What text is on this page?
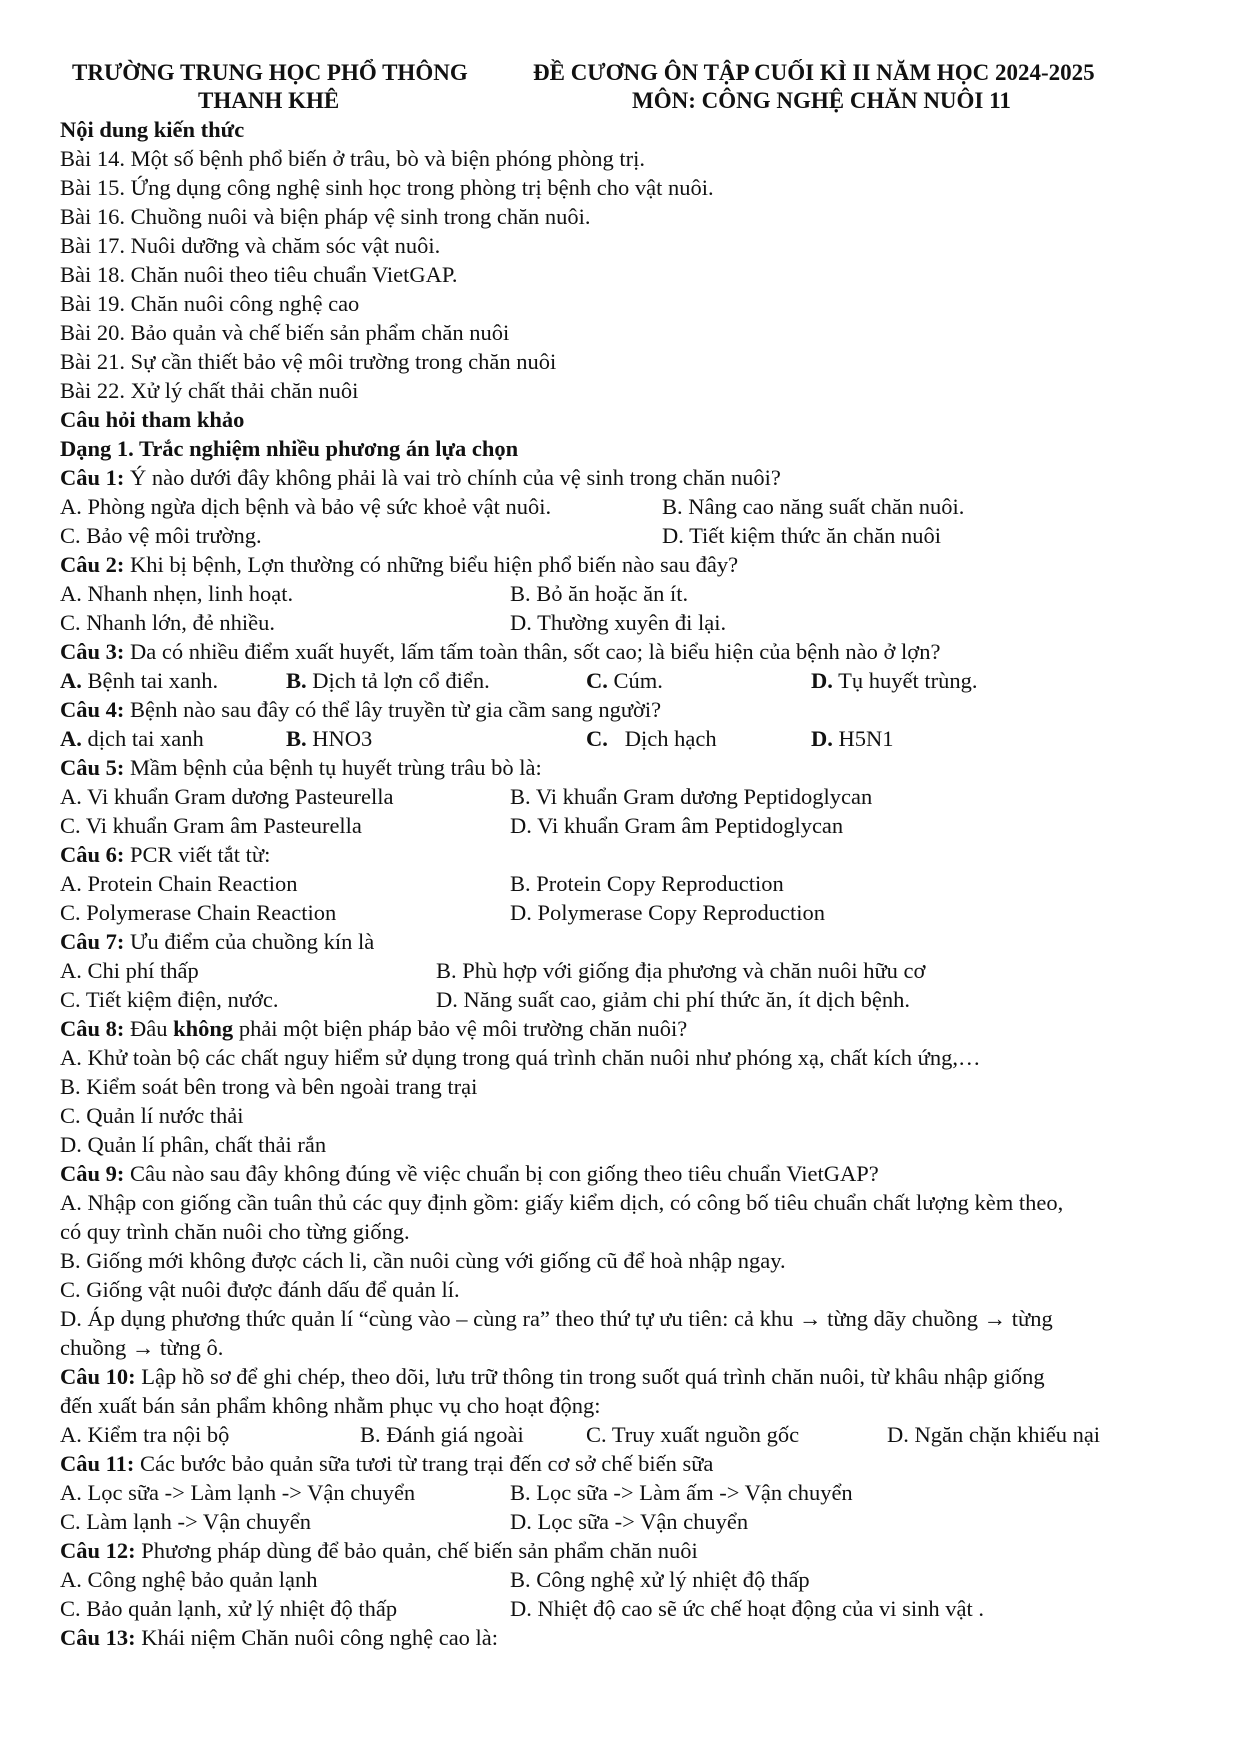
TRƯỜNG TRUNG HỌC PHỔ THÔNG
THANH KHÊ
ĐỀ CƯƠNG ÔN TẬP CUỐI KÌ II NĂM HỌC 2024-2025
MÔN: CÔNG NGHỆ CHĂN NUÔI 11
Nội dung kiến thức
Bài 14. Một số bệnh phổ biến ở trâu, bò và biện phóng phòng trị.
Bài 15. Ứng dụng công nghệ sinh học trong phòng trị bệnh cho vật nuôi.
Bài 16. Chuồng nuôi và biện pháp vệ sinh trong chăn nuôi.
Bài 17. Nuôi dưỡng và chăm sóc vật nuôi.
Bài 18. Chăn nuôi theo tiêu chuẩn VietGAP.
Bài 19. Chăn nuôi công nghệ cao
Bài 20. Bảo quản và chế biến sản phẩm chăn nuôi
Bài 21. Sự cần thiết bảo vệ môi trường trong chăn nuôi
Bài 22. Xử lý chất thải chăn nuôi
Câu hỏi tham khảo
Dạng 1. Trắc nghiệm nhiều phương án lựa chọn
Câu 1: Ý nào dưới đây không phải là vai trò chính của vệ sinh trong chăn nuôi?
A. Phòng ngừa dịch bệnh và bảo vệ sức khoẻ vật nuôi.	B. Nâng cao năng suất chăn nuôi.
C. Bảo vệ môi trường.	D. Tiết kiệm thức ăn chăn nuôi
Câu 2: Khi bị bệnh, Lợn thường có những biểu hiện phổ biến nào sau đây?
A. Nhanh nhẹn, linh hoạt.	B. Bỏ ăn hoặc ăn ít.
C. Nhanh lớn, đẻ nhiều.	D. Thường xuyên đi lại.
Câu 3: Da có nhiều điểm xuất huyết, lấm tấm toàn thân, sốt cao; là biểu hiện của bệnh nào ở lợn?
A. Bệnh tai xanh.	B. Dịch tả lợn cổ điển.	C. Cúm.	D. Tụ huyết trùng.
Câu 4: Bệnh nào sau đây có thể lây truyền từ gia cầm sang người?
A. dịch tai xanh	B. HNO3	C.   Dịch hạch	D. H5N1
Câu 5: Mầm bệnh của bệnh tụ huyết trùng trâu bò là:
A. Vi khuẩn Gram dương Pasteurella	B. Vi khuẩn Gram dương Peptidoglycan
C. Vi khuẩn Gram âm Pasteurella	D. Vi khuẩn Gram âm Peptidoglycan
Câu 6: PCR viết tắt từ:
A. Protein Chain Reaction	B. Protein Copy Reproduction
C. Polymerase Chain Reaction	D. Polymerase Copy Reproduction
Câu 7: Ưu điểm của chuồng kín là
A. Chi phí thấp	B. Phù hợp với giống địa phương và chăn nuôi hữu cơ
C. Tiết kiệm điện, nước.	D. Năng suất cao, giảm chi phí thức ăn, ít dịch bệnh.
Câu 8: Đâu không phải một biện pháp bảo vệ môi trường chăn nuôi?
A. Khử toàn bộ các chất nguy hiểm sử dụng trong quá trình chăn nuôi như phóng xạ, chất kích ứng,…
B. Kiểm soát bên trong và bên ngoài trang trại
C. Quản lí nước thải
D. Quản lí phân, chất thải rắn
Câu 9: Câu nào sau đây không đúng về việc chuẩn bị con giống theo tiêu chuẩn VietGAP?
A. Nhập con giống cần tuân thủ các quy định gồm: giấy kiểm dịch, có công bố tiêu chuẩn chất lượng kèm theo,
có quy trình chăn nuôi cho từng giống.
B. Giống mới không được cách li, cần nuôi cùng với giống cũ để hoà nhập ngay.
C. Giống vật nuôi được đánh dấu để quản lí.
D. Áp dụng phương thức quản lí “cùng vào – cùng ra” theo thứ tự ưu tiên: cả khu → từng dãy chuồng → từng
chuồng → từng ô.
Câu 10: Lập hồ sơ để ghi chép, theo dõi, lưu trữ thông tin trong suốt quá trình chăn nuôi, từ khâu nhập giống
đến xuất bán sản phẩm không nhằm phục vụ cho hoạt động:
A. Kiểm tra nội bộ	B. Đánh giá ngoài	C. Truy xuất nguồn gốc	D. Ngăn chặn khiếu nại
Câu 11: Các bước bảo quản sữa tươi từ trang trại đến cơ sở chế biến sữa
A. Lọc sữa -> Làm lạnh -> Vận chuyển	B. Lọc sữa -> Làm ấm -> Vận chuyển
C. Làm lạnh -> Vận chuyển	D. Lọc sữa -> Vận chuyển
Câu 12: Phương pháp dùng để bảo quản, chế biến sản phẩm chăn nuôi
A. Công nghệ bảo quản lạnh	B. Công nghệ xử lý nhiệt độ thấp
C. Bảo quản lạnh, xử lý nhiệt độ thấp	D. Nhiệt độ cao sẽ ức chế hoạt động của vi sinh vật .
Câu 13: Khái niệm Chăn nuôi công nghệ cao là:
